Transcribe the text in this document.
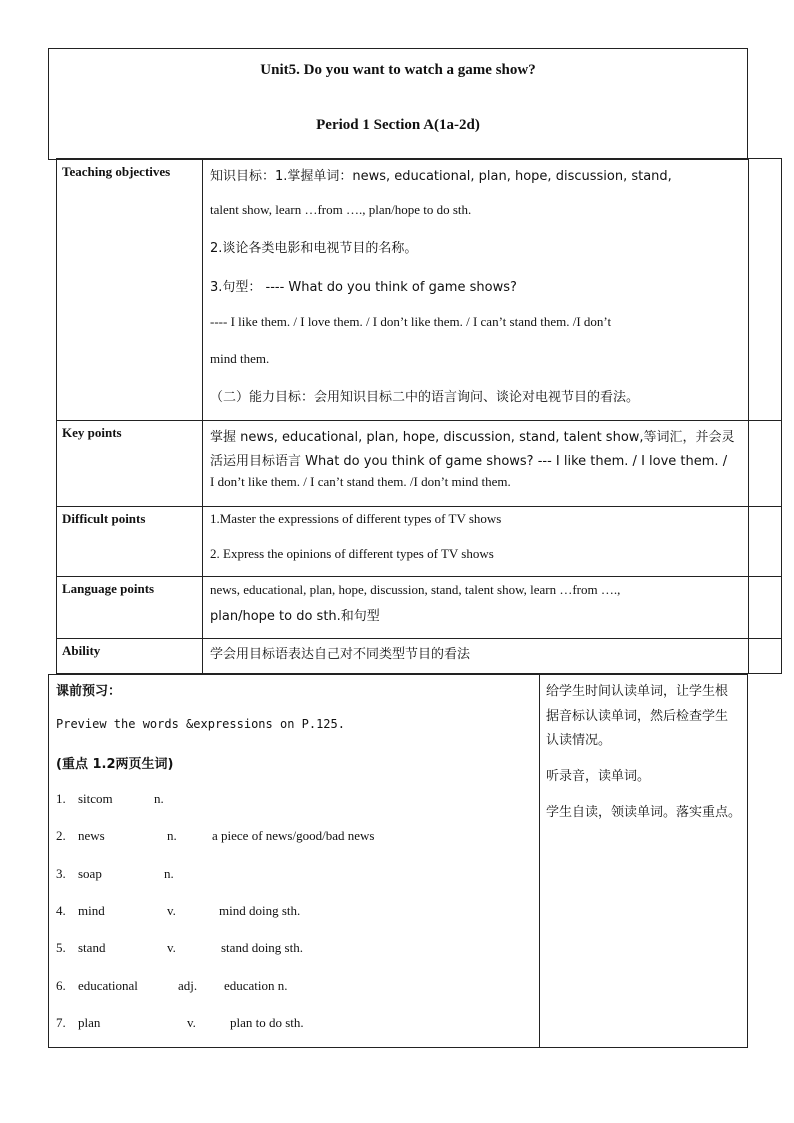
Unit5. Do you want to watch a game show?
Period 1 Section A(1a-2d)
Teaching objectives	知识目标：1.掌握单词：news, educational, plan, hope, discussion, stand,
talent show, learn …from …., plan/hope to do sth.
2.谈论各类电影和电视节目的名称。
3.句型： ---- What do you think of game shows?
---- I like them. / I love them. / I don’t like them. / I can’t stand them. /I don’t
mind them.
（二）能力目标：会用知识目标二中的语言询问、谈论对电视节目的看法。
Key points	掌握 news, educational, plan, hope, discussion, stand, talent show,等词汇，并会灵
活运用目标语言 What do you think of game shows? --- I like them. / I love them. /
I don’t like them. / I can’t stand them. /I don’t mind them.
Difficult points	1.Master the expressions of different types of TV shows
2. Express the opinions of different types of TV shows
Language points	news, educational, plan, hope, discussion, stand, talent show, learn …from ….,
plan/hope to do sth.和句型
Ability	学会用目标语表达自己对不同类型节目的看法
课前预习：
Preview the words &expressions on P.125.
(重点 1.2两页生词)
1. sitcom	n.
2. news	n.	a piece of news/good/bad news
3. soap	n.
4. mind	v.	mind doing sth.
5. stand	v.	stand doing sth.
6. educational	adj. education n.
7. plan	v.	plan to do sth.
给学生时间认读单词，让学生根
据音标认读单词，然后检查学生
认读情况。
听录音，读单词。
学生自读，领读单词。落实重点。
